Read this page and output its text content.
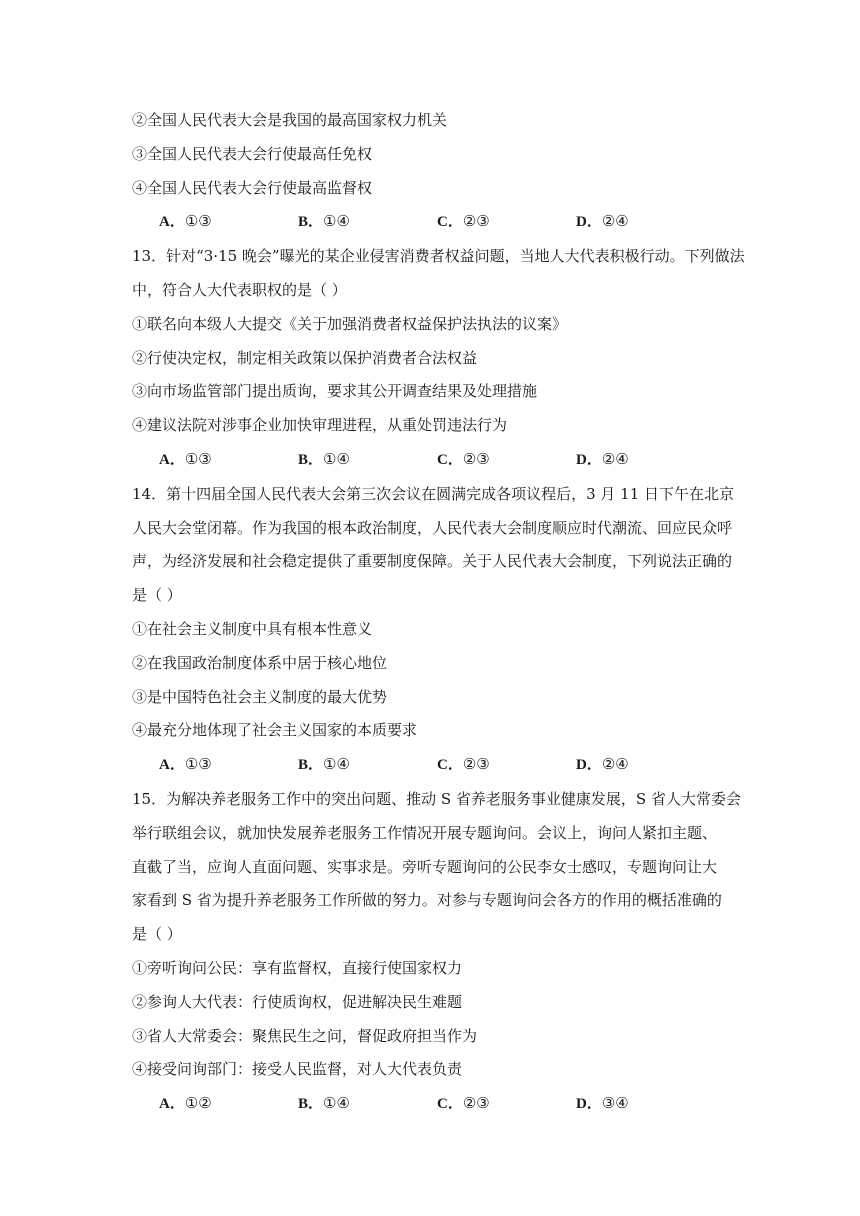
②全国人民代表大会是我国的最高国家权力机关
③全国人民代表大会行使最高任免权
④全国人民代表大会行使最高监督权
A．①③	B．①④	C．②③	D．②④
13．针对“3·15 晚会”曝光的某企业侵害消费者权益问题，当地人大代表积极行动。下列做法
中，符合人大代表职权的是（ ）
①联名向本级人大提交《关于加强消费者权益保护法执法的议案》
②行使决定权，制定相关政策以保护消费者合法权益
③向市场监管部门提出质询，要求其公开调查结果及处理措施
④建议法院对涉事企业加快审理进程，从重处罚违法行为
A．①③	B．①④	C．②③	D．②④
14．第十四届全国人民代表大会第三次会议在圆满完成各项议程后，3 月 11 日下午在北京
人民大会堂闭幕。作为我国的根本政治制度，人民代表大会制度顺应时代潮流、回应民众呼
声，为经济发展和社会稳定提供了重要制度保障。关于人民代表大会制度，下列说法正确的
是（ ）
①在社会主义制度中具有根本性意义
②在我国政治制度体系中居于核心地位
③是中国特色社会主义制度的最大优势
④最充分地体现了社会主义国家的本质要求
A．①③	B．①④	C．②③	D．②④
15．为解决养老服务工作中的突出问题、推动 S 省养老服务事业健康发展，S 省人大常委会
举行联组会议，就加快发展养老服务工作情况开展专题询问。会议上，询问人紧扣主题、
直截了当，应询人直面问题、实事求是。旁听专题询问的公民李女士感叹，专题询问让大
家看到 S 省为提升养老服务工作所做的努力。对参与专题询问会各方的作用的概括准确的
是（ ）
①旁听询问公民：享有监督权，直接行使国家权力
②参询人大代表：行使质询权，促进解决民生难题
③省人大常委会：聚焦民生之问，督促政府担当作为
④接受问询部门：接受人民监督，对人大代表负责
A．①②	B．①④	C．②③	D．③④
